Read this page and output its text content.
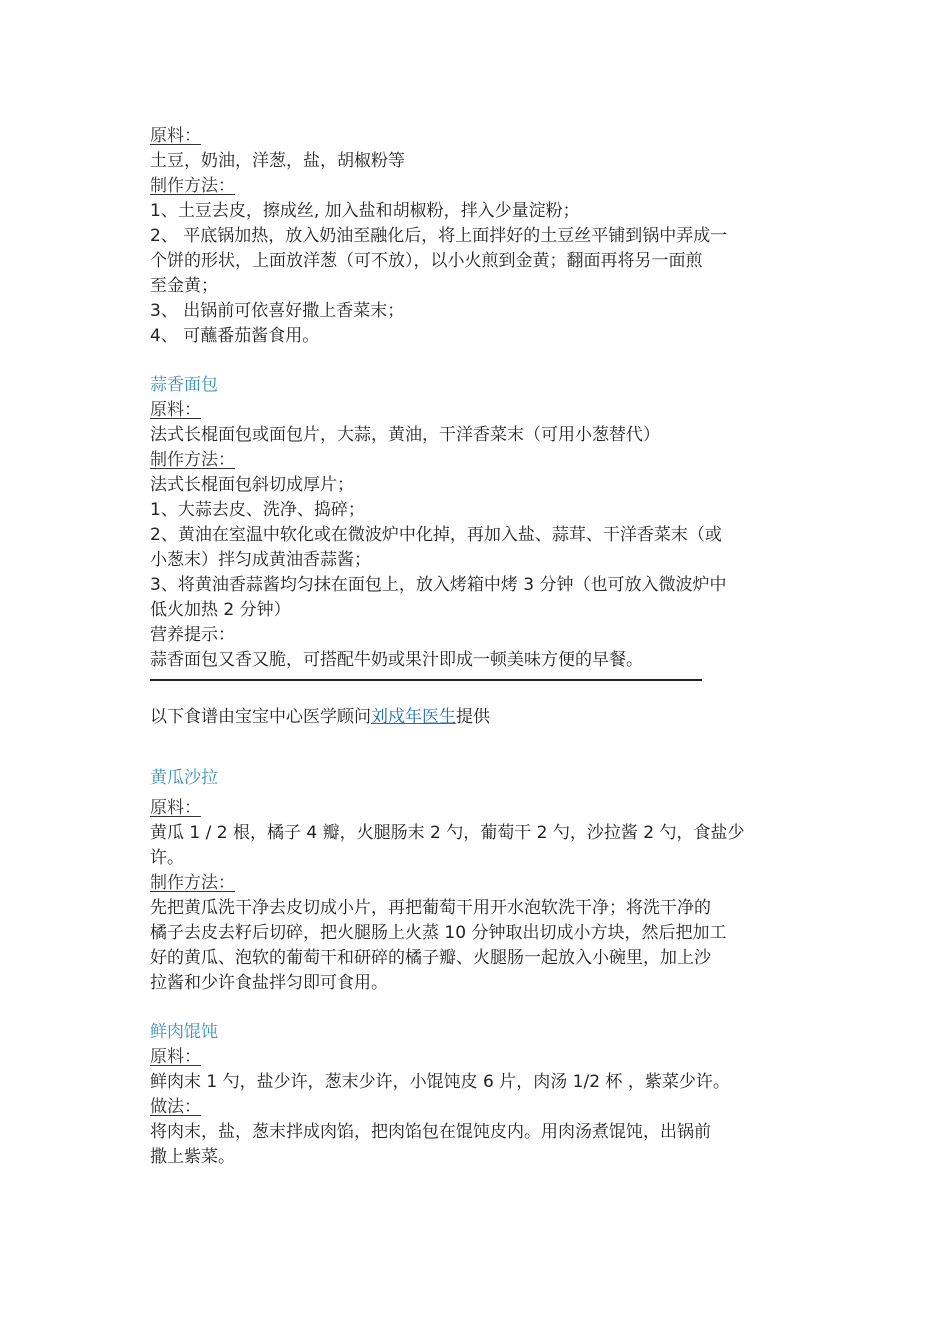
原料：
土豆，奶油，洋葱，盐，胡椒粉等
制作方法：
1、土豆去皮，擦成丝, 加入盐和胡椒粉，拌入少量淀粉；
2、 平底锅加热，放入奶油至融化后，将上面拌好的土豆丝平铺到锅中弄成一
个饼的形状，上面放洋葱（可不放），以小火煎到金黄；翻面再将另一面煎
至金黄；
3、 出锅前可依喜好撒上香菜末；
4、 可蘸番茄酱食用。
蒜香面包
原料：
法式长棍面包或面包片，大蒜，黄油，干洋香菜末（可用小葱替代）
制作方法：
法式长棍面包斜切成厚片；
1、大蒜去皮、洗净、捣碎；
2、黄油在室温中软化或在微波炉中化掉，再加入盐、蒜茸、干洋香菜末（或
小葱末）拌匀成黄油香蒜酱；
3、将黄油香蒜酱均匀抹在面包上，放入烤箱中烤 3 分钟（也可放入微波炉中
低火加热 2 分钟）
营养提示：
蒜香面包又香又脆，可搭配牛奶或果汁即成一顿美味方便的早餐。
以下食谱由宝宝中心医学顾问刘戍年医生提供
黄瓜沙拉
原料：
黄瓜 1 / 2 根，橘子 4 瓣，火腿肠末 2 勺，葡萄干 2 勺，沙拉酱 2 勺，食盐少
许。
制作方法：
先把黄瓜洗干净去皮切成小片，再把葡萄干用开水泡软洗干净；将洗干净的
橘子去皮去籽后切碎，把火腿肠上火蒸 10 分钟取出切成小方块，然后把加工
好的黄瓜、泡软的葡萄干和研碎的橘子瓣、火腿肠一起放入小碗里，加上沙
拉酱和少许食盐拌匀即可食用。
鲜肉馄饨
原料：
鲜肉末 1 勺，盐少许，葱末少许，小馄饨皮 6 片，肉汤 1/2 杯 ，紫菜少许。
做法：
将肉末，盐，葱末拌成肉馅，把肉馅包在馄饨皮内。用肉汤煮馄饨，出锅前
撒上紫菜。
